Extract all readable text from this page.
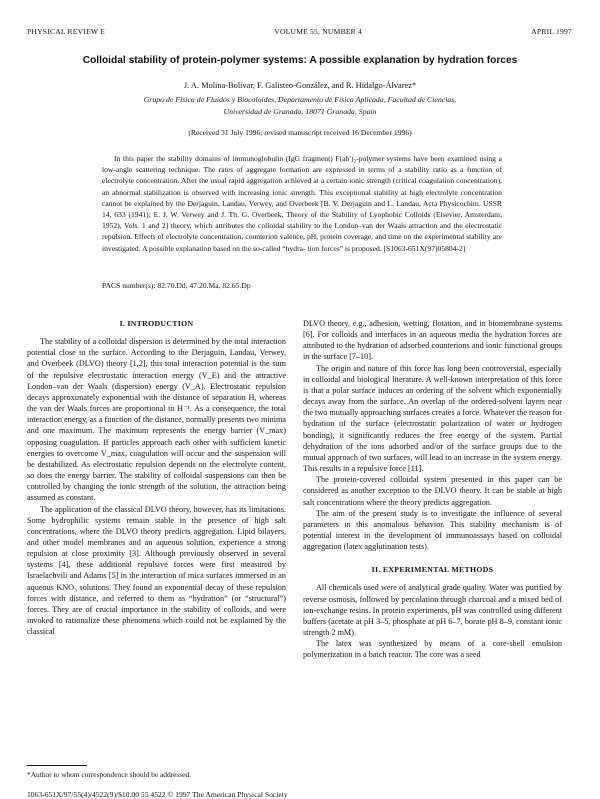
PHYSICAL REVIEW E	VOLUME 55, NUMBER 4	APRIL 1997
Colloidal stability of protein-polymer systems: A possible explanation by hydration forces
J. A. Molina-Bolívar, F. Galisteo-González, and R. Hidalgo-Álvarez*
Grupo de Física de Fluidos y Biocoloides, Departamento de Física Aplicada, Facultad de Ciencias,
Universidad de Granada, 18071 Granada, Spain
(Received 31 July 1996; revised manuscript received 16 December 1996)

In this paper the stability domains of immunoglobulin (IgG fragment) F(ab′)₂-polymer systems have been examined using a low-angle scattering technique. The rates of aggregate formation are expressed in terms of a stability ratio as a function of electrolyte concentration. After the usual rapid aggregation achieved at a certain ionic strength (critical coagulation concentration), an abnormal stabilization is observed with increasing ionic strength. This exceptional stability at high electrolyte concentration cannot be explained by the Derjaguin, Landau, Verwey, and Overbeek [B. V. Derjaguin and L. Landau, Acta Physicochim. USSR 14, 633 (1941); E. J. W. Verwey and J. Th. G. Overbeek, Theory of the Stability of Lyophobic Colloids (Elsevier, Amsterdam, 1952), Vols. 1 and 2] theory, which attributes the colloidal stability to the London–van der Waals attraction and the electrostatic repulsion. Effects of electrolyte concentration, counterion valence, pH, protein coverage, and time on the experimental stability are investigated. A possible explanation based on the so-called “hydra- tion forces” is proposed. [S1063-651X(97)05804-2]

PACS number(s): 82.70.Dd, 47.20.Ma, 82.65.Dp
I. INTRODUCTION

The stability of a colloidal dispersion is determined by the total interaction potential close to the surface. According to the Derjaguin, Landau, Verwey, and Overbeek (DLVO) theory [1,2], this total interaction potential is the sum of the repulsive electrostatic interaction energy (V_E) and the attractive London–van der Waals (dispersion) energy (V_A). Electrostatic repulsion decays approximately exponential with the distance of separation H, whereas the van der Waals forces are proportional to H⁻¹. As a consequence, the total interaction energy, as a function of the distance, normally presents two minima and one maximum. The maximum represents the energy barrier (V_max) opposing coagulation. If particles approach each other with sufficient kinetic energies to overcome V_max, coagulation will occur and the suspension will be destabilized. As electrostatic repulsion depends on the electrolyte content, so does the energy barrier. The stability of colloidal suspensions can then be controlled by changing the ionic strength of the solution, the attraction being assumed as constant.

The application of the classical DLVO theory, however, has its limitations. Some hydrophilic systems remain stable in the presence of high salt concentrations, where the DLVO theory predicts aggregation. Lipid bilayers, and other model membranes and an aqueous solution, experience a strong repulsion at close proximity [3]. Although previously observed in several systems [4], these additional repulsive forces were first measured by Israelachvili and Adams [5] in the interaction of mica surfaces immersed in an aqueous KNO₃ solutions. They found an exponential decay of these repulsion forces with distance, and referred to them as “hydration” (or “structural”) forces. They are of crucial importance in the stability of colloids, and were invoked to rationalize these phenomena which could not be explained by the classical

DLVO theory, e.g., adhesion, wetting, flotation, and in biomembrane systems [6]. For colloids and interfaces in an aqueous media the hydration forces are attributed to the hydration of adsorbed counterions and ionic functional groups in the surface [7–10].

The origin and nature of this force has long been controversial, especially in colloidal and biological literature. A well-known interpretation of this force is that a polar surface induces an ordering of the solvent which exponentially decays away from the surface. An overlap of the ordered-solvent layers near the two mutually approaching surfaces creates a force. Whatever the reason for hydration of the surface (electrostatic polarization of water or hydrogen bonding), it significantly reduces the free energy of the system. Partial dehydration of the ions adsorbed and/or of the surface groups due to the mutual approach of two surfaces, will lead to an increase in the system energy. This results in a repulsive force [11].

The protein-covered colloidal system presented in this paper can be considered as another exception to the DLVO theory. It can be stable at high salt concentrations where the theory predicts aggregation.

The aim of the present study is to investigate the influence of several parameters in this anomalous behavior. This stability mechanism is of potential interest in the development of immunoassays based on colloidal aggregation (latex agglutination tests).

II. EXPERIMENTAL METHODS

All chemicals used were of analytical grade quality. Water was purified by reverse osmosis, followed by percolation through charcoal and a mixed bed of ion-exchange resins. In protein experiments, pH was controlled using different buffers (acetate at pH 3–5, phosphate at pH 6–7, borate pH 8–9, constant ionic strength 2 mM).

The latex was synthesized by means of a core-shell emulsion polymerization in a batch reactor. The core was a seed

*Author to whom correspondence should be addressed.
1063-651X/97/55(4)/4522(9)/$10.00 55 4522 © 1997 The American Physical Society
